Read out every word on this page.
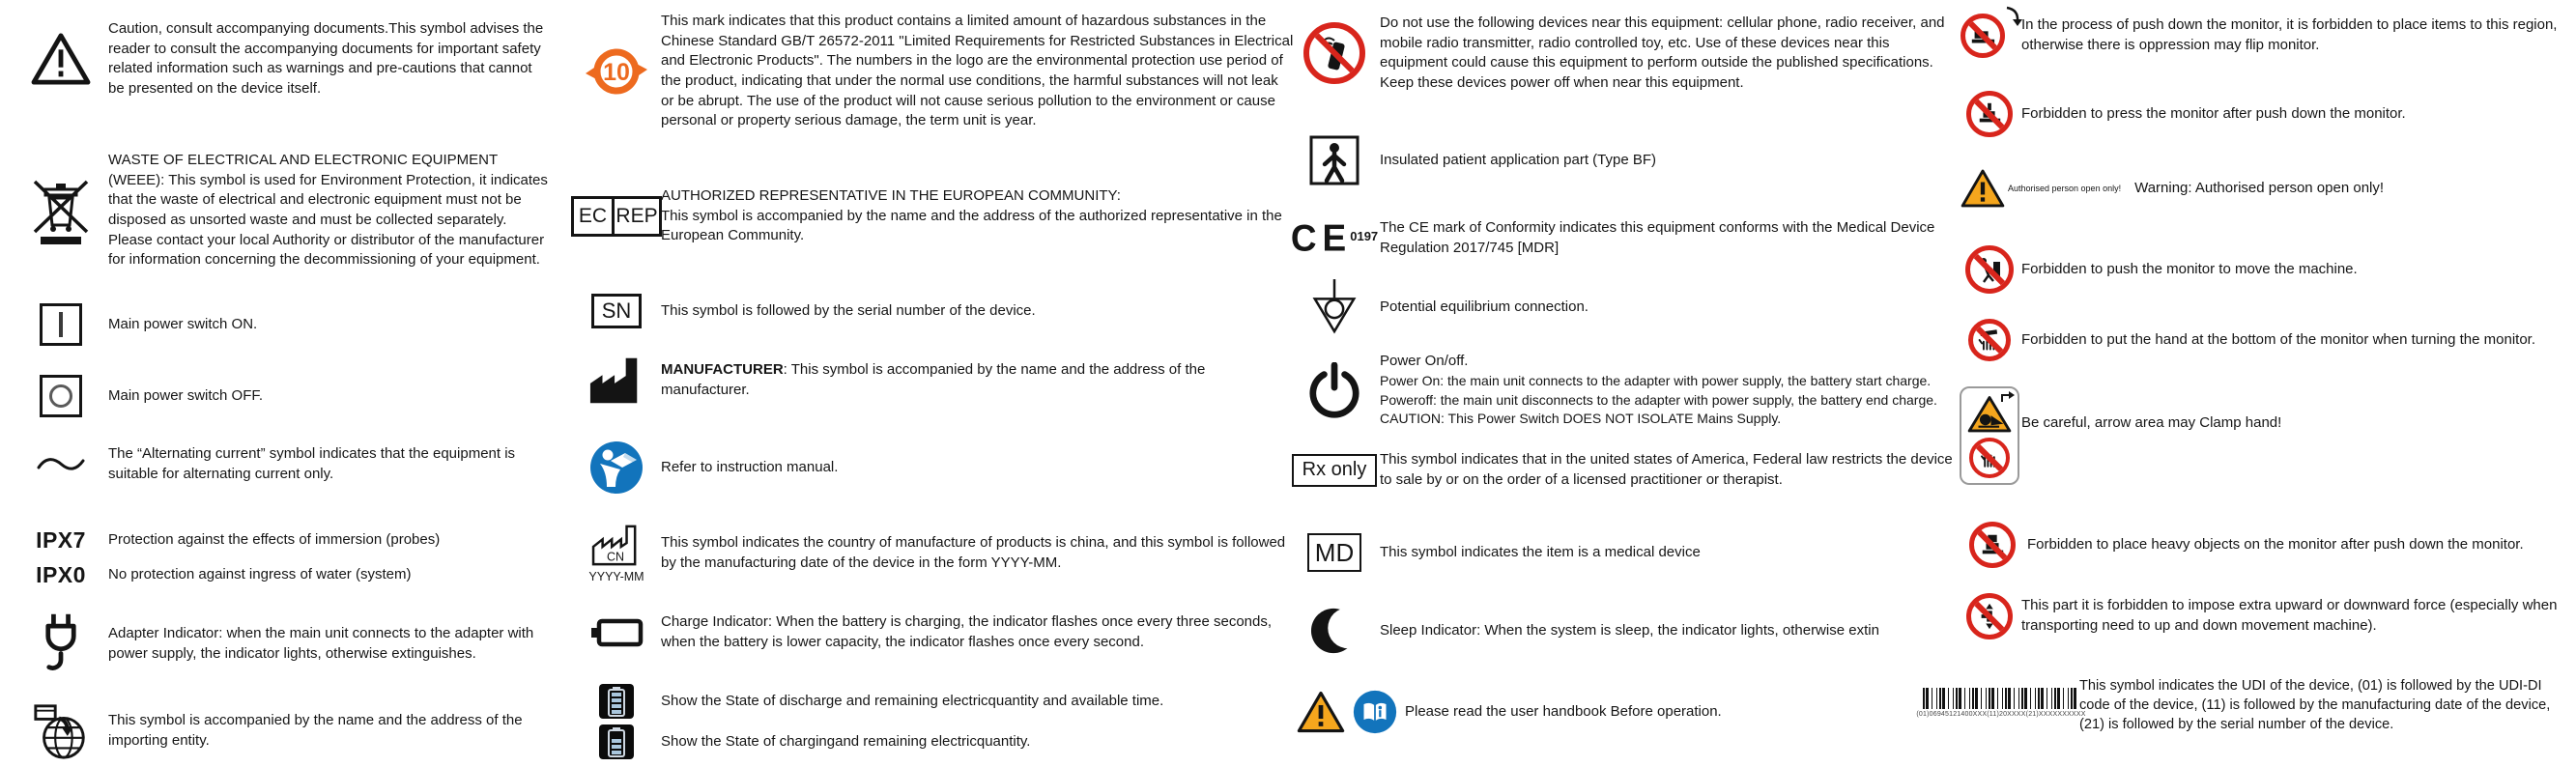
Caution, consult accompanying documents.This symbol advises the reader to consult the accompanying documents for important safety related information such as warnings and pre-cautions that cannot be presented on the device itself.
WASTE OF ELECTRICAL AND ELECTRONIC EQUIPMENT (WEEE): This symbol is used for Environment Protection, it indicates that the waste of electrical and electronic equipment must not be disposed as unsorted waste and must be collected separately. Please contact your local Authority or distributor of the manufacturer for information concerning the decommissioning of your equipment.
Main power switch ON.
Main power switch OFF.
The “Alternating current” symbol indicates that the equipment is suitable for alternating current only.
IPX7 Protection against the effects of immersion (probes)
IPX0 No protection against ingress of water (system)
Adapter Indicator: when the main unit connects to the adapter with power supply, the indicator lights, otherwise extinguishes.
This symbol is accompanied by the name and the address of the importing entity.
10
This mark indicates that this product contains a limited amount of hazardous substances in the Chinese Standard GB/T 26572-2011 "Limited Requirements for Restricted Substances in Electrical and Electronic Products". The numbers in the logo are the environmental protection use period of the product, indicating that under the normal use conditions, the harmful substances will not leak or be abrupt. The use of the product will not cause serious pollution to the environment or cause personal or property serious damage, the term unit is year.
EC REP
AUTHORIZED REPRESENTATIVE IN THE EUROPEAN COMMUNITY:
This symbol is accompanied by the name and the address of the authorized representative in the European Community.
SN	This symbol is followed by the serial number of the device.
MANUFACTURER: This symbol is accompanied by the name and the address of the manufacturer.
Refer to instruction manual.
CN
YYYY-MM
This symbol indicates the country of manufacture of products is china, and this symbol is followed by the manufacturing date of the device in the form YYYY-MM.
Charge Indicator: When the battery is charging, the indicator flashes once every three seconds, when the battery is lower capacity, the indicator flashes once every second.
Show the State of discharge and remaining electricquantity and available time.
Show the State of chargingand remaining electricquantity.
Do not use the following devices near this equipment: cellular phone, radio receiver, and mobile radio transmitter, radio controlled toy, etc. Use of these devices near this equipment could cause this equipment to perform outside the published specifications. Keep these devices power off when near this equipment.
Insulated patient application part (Type BF)
CE
0197
The CE mark of Conformity indicates this equipment conforms with the Medical Device Regulation 2017/745 [MDR]
Potential equilibrium connection.
Power On/off.
Power On: the main unit connects to the adapter with power supply, the battery start charge.
Poweroff: the main unit disconnects to the adapter with power supply, the battery end charge.
CAUTION: This Power Switch DOES NOT ISOLATE Mains Supply.
Rx only This symbol indicates that in the united states of America, Federal law restricts the device to sale by or on the order of a licensed practitioner or therapist.
MD	This symbol indicates the item is a medical device
Sleep Indicator: When the system is sleep, the indicator lights, otherwise extin
Please read the user handbook Before operation.
In the process of push down the monitor, it is forbidden to place items to this region, otherwise there is oppression may flip monitor.
Forbidden to press the monitor after push down the monitor.
Authorised person open only! Warning: Authorised person open only!
Forbidden to push the monitor to move the machine.
Forbidden to put the hand at the bottom of the monitor when turning the monitor.
Be careful, arrow area may Clamp hand!
Forbidden to place heavy objects on the monitor after push down the monitor.
This part it is forbidden to impose extra upward or downward force (especially when transporting need to up and down movement machine).
(01)06945121400XXX(11)20XXXX(21)XXXXXXXXXX
This symbol indicates the UDI of the device, (01) is followed by the UDI-DI code of the device, (11) is followed by the manufacturing date of the device, (21) is followed by the serial number of the device.
